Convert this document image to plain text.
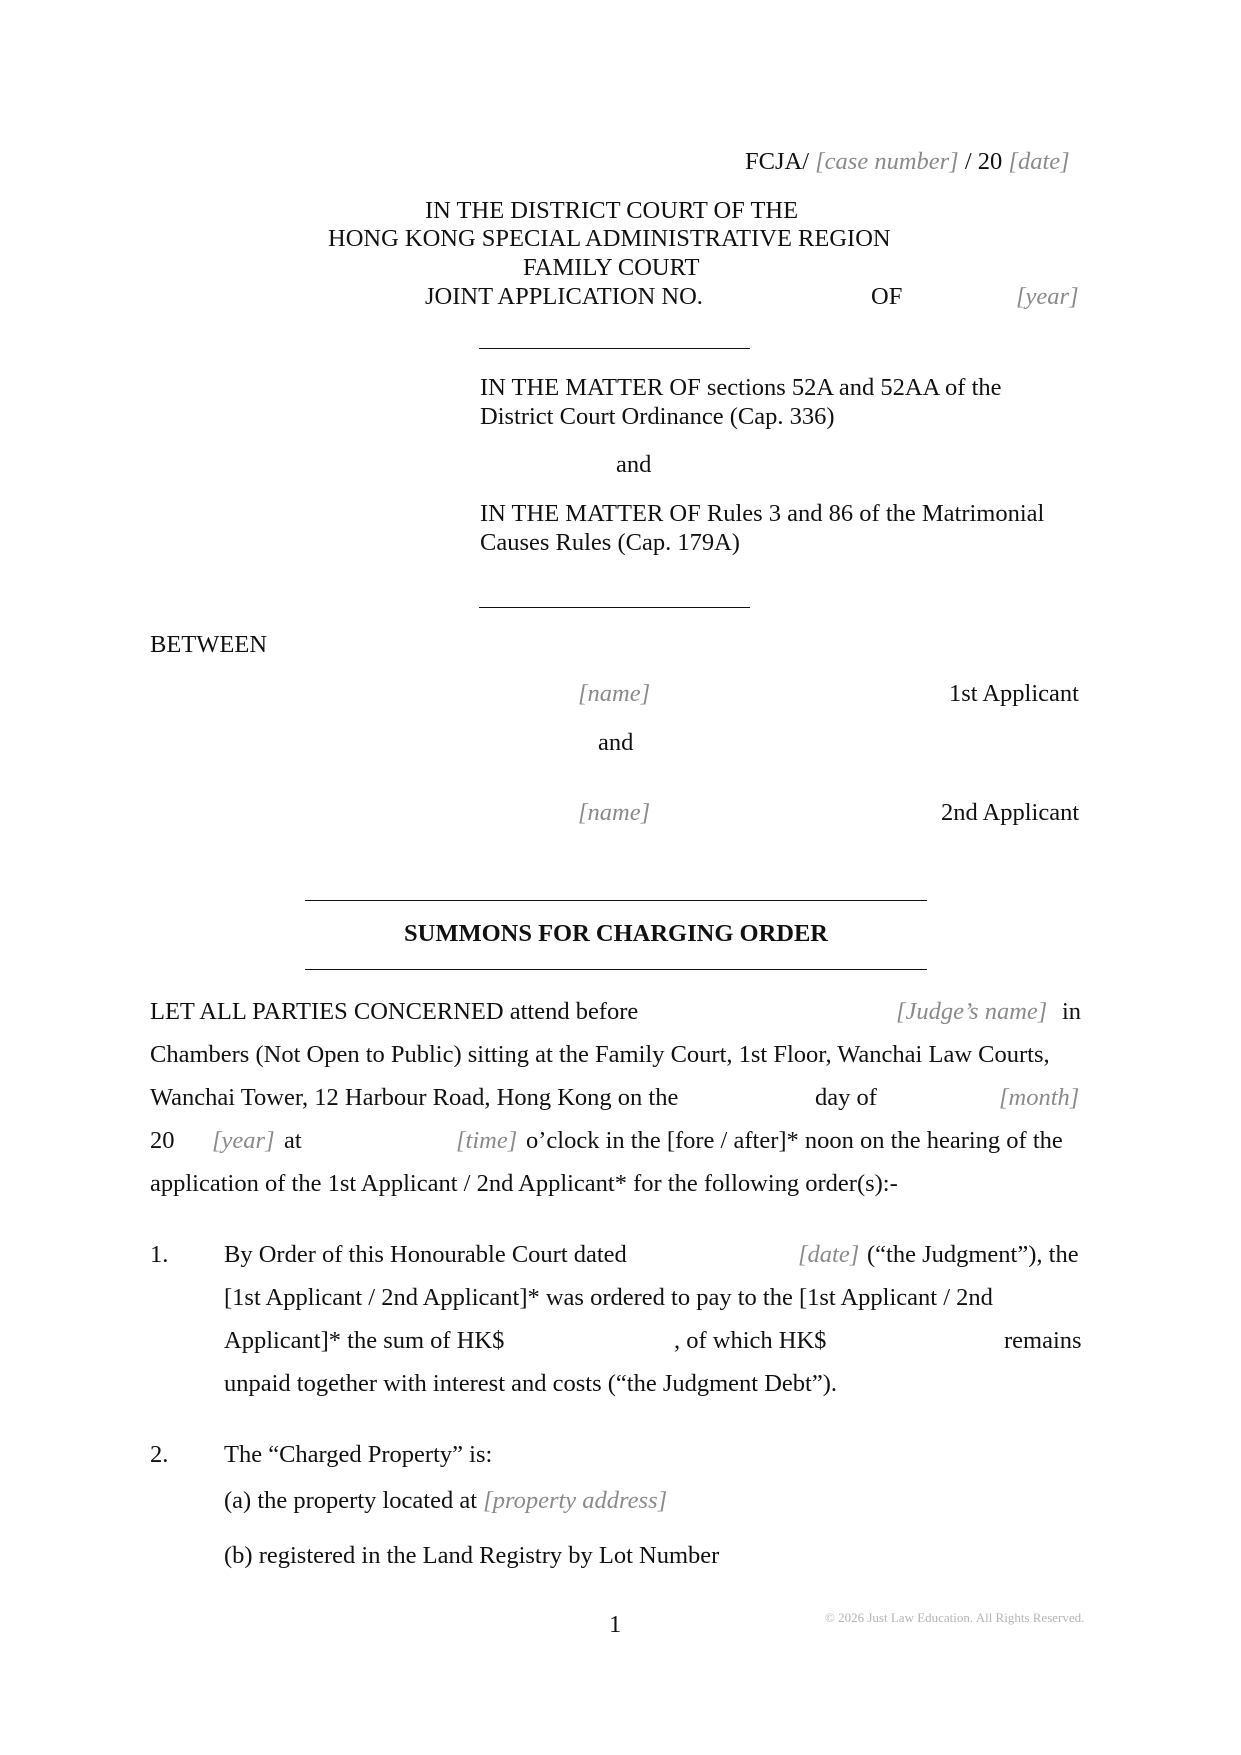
FCJA/ [case number] / 20 [date]
IN THE DISTRICT COURT OF THE
HONG KONG SPECIAL ADMINISTRATIVE REGION
FAMILY COURT
JOINT APPLICATION NO.	OF	[year]
IN THE MATTER OF sections 52A and 52AA of the
District Court Ordinance (Cap. 336)
and
IN THE MATTER OF Rules 3 and 86 of the Matrimonial
Causes Rules (Cap. 179A)
BETWEEN
[name]	1st Applicant
and
[name]	2nd Applicant
SUMMONS FOR CHARGING ORDER
LET ALL PARTIES CONCERNED attend before	[Judge’s name] in
Chambers (Not Open to Public) sitting at the Family Court, 1st Floor, Wanchai Law Courts,
Wanchai Tower, 12 Harbour Road, Hong Kong on the	day of	[month]
20 [year] at	[time] o’clock in the [fore / after]* noon on the hearing of the
application of the 1st Applicant / 2nd Applicant* for the following order(s):-
1. By Order of this Honourable Court dated	[date] (“the Judgment”), the
[1st Applicant / 2nd Applicant]* was ordered to pay to the [1st Applicant / 2nd
Applicant]* the sum of HK$	, of which HK$	remains
unpaid together with interest and costs (“the Judgment Debt”).
2. The “Charged Property” is:
(a) the property located at [property address]
(b) registered in the Land Registry by Lot Number
1	© 2026 Just Law Education. All Rights Reserved.
